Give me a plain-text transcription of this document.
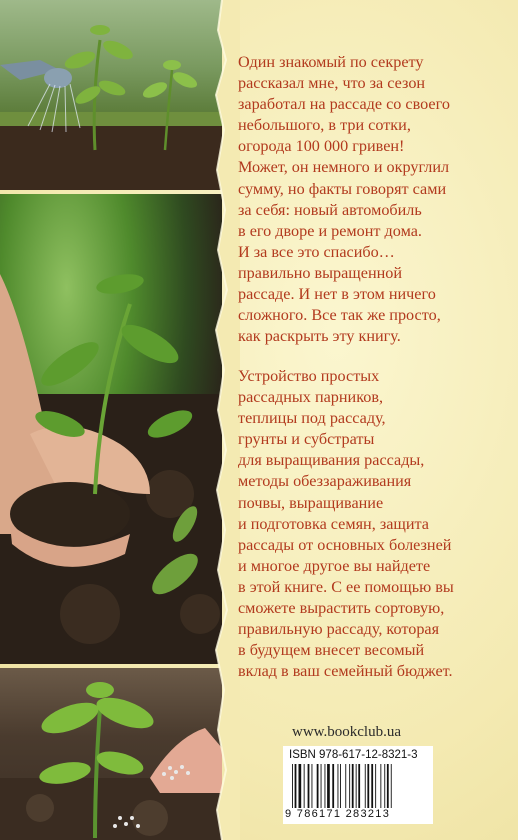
Один знакомый по секрету
рассказал мне, что за сезон
заработал на рассаде со своего
небольшого, в три сотки,
огорода 100 000 гривен!
Может, он немного и округлил
сумму, но факты говорят сами
за себя: новый автомобиль
в его дворе и ремонт дома.
И за все это спасибо…
правильно выращенной
рассаде. И нет в этом ничего
сложного. Все так же просто,
как раскрыть эту книгу.
Устройство простых
рассадных парников,
теплицы под рассаду,
грунты и субстраты
для выращивания рассады,
методы обеззараживания
почвы, выращивание
и подготовка семян, защита
рассады от основных болезней
и многое другое вы найдете
в этой книге. С ее помощью вы
сможете вырастить сортовую,
правильную рассаду, которая
в будущем внесет весомый
вклад в ваш семейный бюджет.
www.bookclub.ua
ISBN 978-617-12-8321-3
9 786171 283213
